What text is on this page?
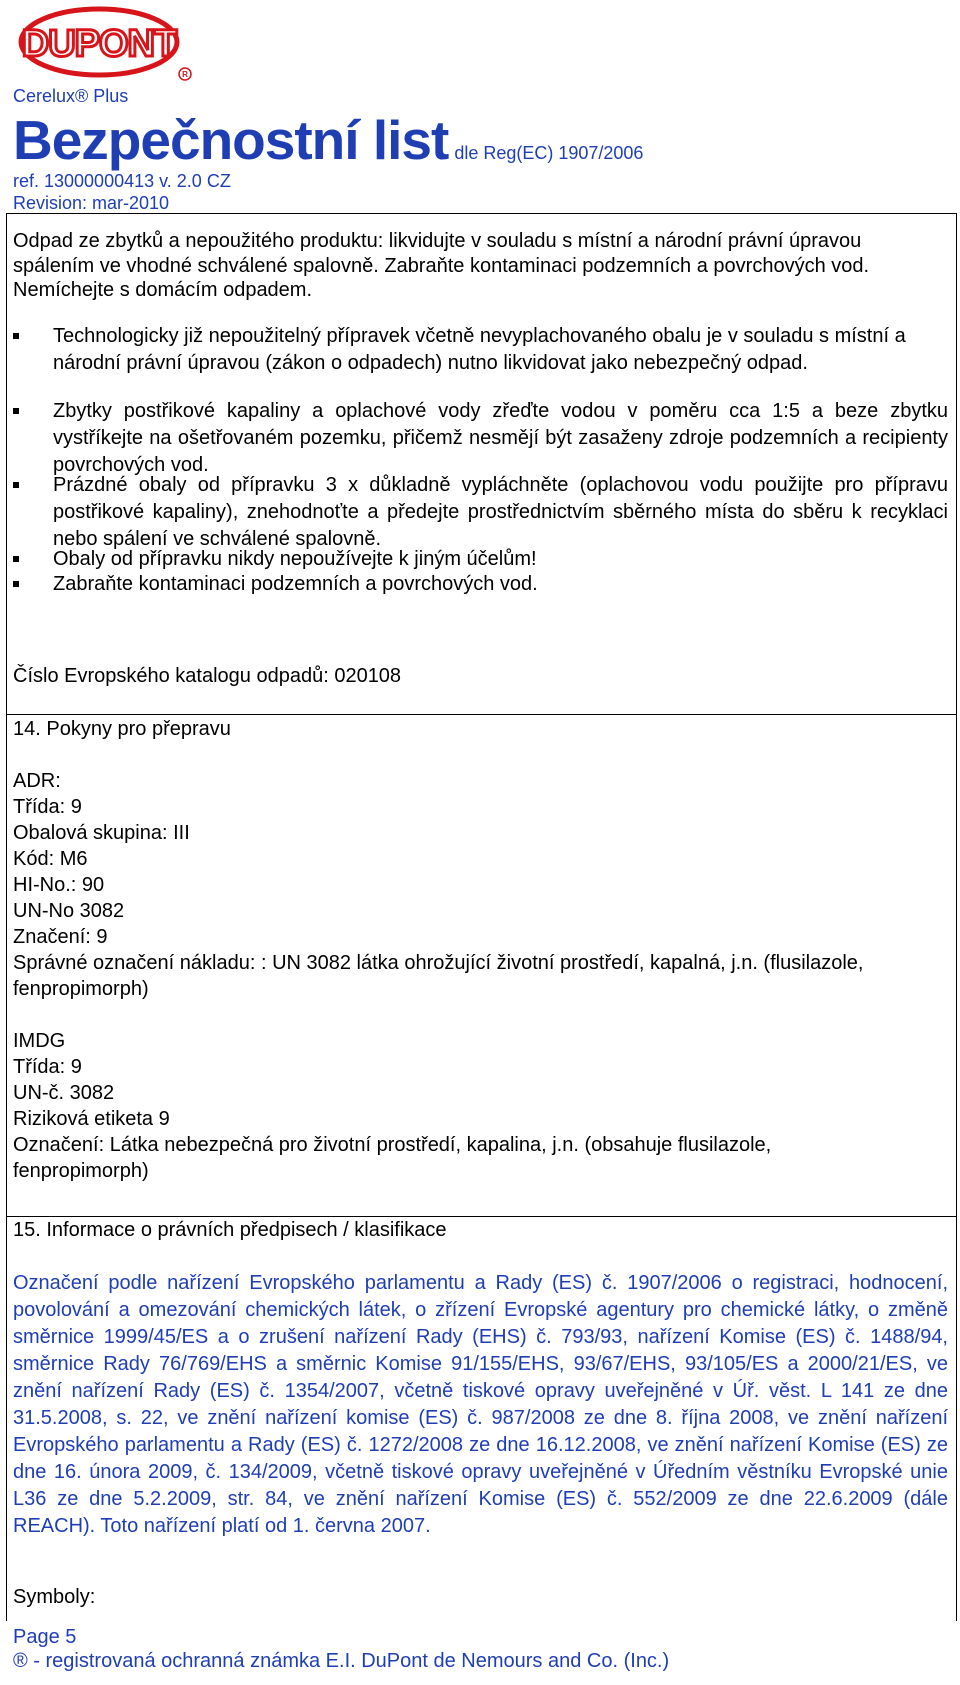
DUPONT
R
Cerelux® Plus
Bezpečnostní list dle Reg(EC) 1907/2006
ref. 13000000413 v. 2.0 CZ
Revision: mar-2010
Odpad ze zbytků a nepoužitého produktu: likvidujte v souladu s místní a národní právní úpravou
spálením ve vhodné schválené spalovně. Zabraňte kontaminaci podzemních a povrchových vod.
Nemíchejte s domácím odpadem.
Technologicky již nepoužitelný přípravek včetně nevyplachovaného obalu je v souladu s místní a národní právní úpravou (zákon o odpadech) nutno likvidovat jako nebezpečný odpad.
Zbytky postřikové kapaliny a oplachové vody zřeďte vodou v poměru cca 1:5 a beze zbytku vystříkejte na ošetřovaném pozemku, přičemž nesmějí být zasaženy zdroje podzemních a recipienty povrchových vod.
Prázdné obaly od přípravku 3 x důkladně vypláchněte (oplachovou vodu použijte pro přípravu postřikové kapaliny), znehodnoťte a předejte prostřednictvím sběrného místa do sběru k recyklaci nebo spálení ve schválené spalovně.
Obaly od přípravku nikdy nepoužívejte k jiným účelům!
Zabraňte kontaminaci podzemních a povrchových vod.
Číslo Evropského katalogu odpadů: 020108
14. Pokyny pro přepravu
ADR:
Třída: 9
Obalová skupina: III
Kód: M6
HI-No.: 90
UN-No 3082
Značení: 9
Správné označení nákladu: : UN 3082 látka ohrožující životní prostředí, kapalná, j.n. (flusilazole,
fenpropimorph)
IMDG
Třída: 9
UN-č. 3082
Riziková etiketa 9
Označení: Látka nebezpečná pro životní prostředí, kapalina, j.n. (obsahuje flusilazole,
fenpropimorph)
15. Informace o právních předpisech / klasifikace
Označení podle nařízení Evropského parlamentu a Rady (ES) č. 1907/2006 o registraci, hodnocení, povolování a omezování chemických látek, o zřízení Evropské agentury pro chemické látky, o změně směrnice 1999/45/ES a o zrušení nařízení Rady (EHS) č. 793/93, nařízení Komise (ES) č. 1488/94, směrnice Rady 76/769/EHS a směrnic Komise 91/155/EHS, 93/67/EHS, 93/105/ES a 2000/21/ES, ve znění nařízení Rady (ES) č. 1354/2007, včetně tiskové opravy uveřejněné v Úř. věst. L 141 ze dne 31.5.2008, s. 22, ve znění nařízení komise (ES) č. 987/2008 ze dne 8. října 2008, ve znění nařízení Evropského parlamentu a Rady (ES) č. 1272/2008 ze dne 16.12.2008, ve znění nařízení Komise (ES) ze dne 16. února 2009, č. 134/2009, včetně tiskové opravy uveřejněné v Úředním věstníku Evropské unie L36 ze dne 5.2.2009, str. 84, ve znění nařízení Komise (ES) č. 552/2009 ze dne 22.6.2009 (dále REACH). Toto nařízení platí od 1. června 2007.
Symboly:
Page 5
® - registrovaná ochranná známka E.I. DuPont de Nemours and Co. (Inc.)
